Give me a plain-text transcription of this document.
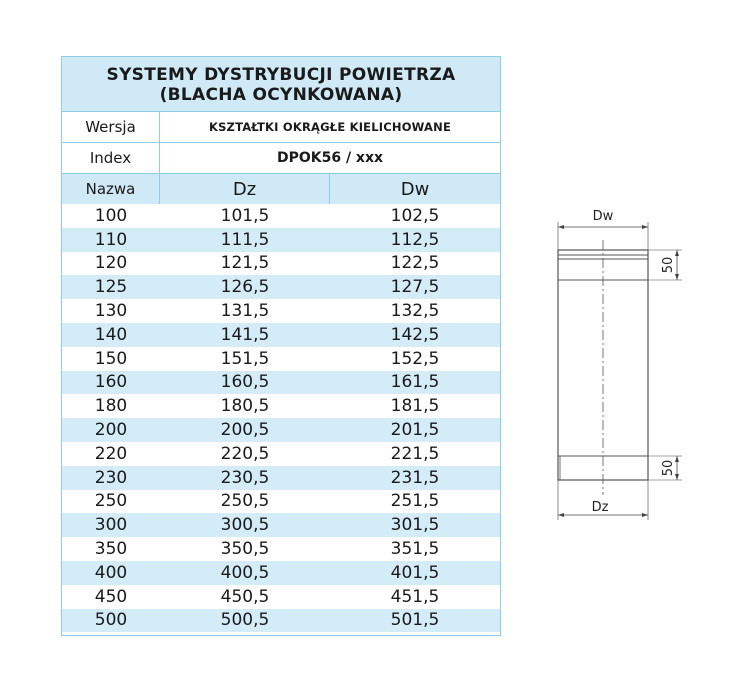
SYSTEMY DYSTRYBUCJI POWIETRZA
(BLACHA OCYNKOWANA)
Wersja	KSZTAŁTKI OKRĄGŁE KIELICHOWANE
Index	DPOK56 / xxx
Nazwa	Dz	Dw
100	101,5	102,5
110	111,5	112,5
120	121,5	122,5
125	126,5	127,5
130	131,5	132,5
140	141,5	142,5
150	151,5	152,5
160	160,5	161,5
180	180,5	181,5
200	200,5	201,5
220	220,5	221,5
230	230,5	231,5
250	250,5	251,5
300	300,5	301,5
350	350,5	351,5
400	400,5	401,5
450	450,5	451,5
500	500,5	501,5
Dw
50
50
Dz
